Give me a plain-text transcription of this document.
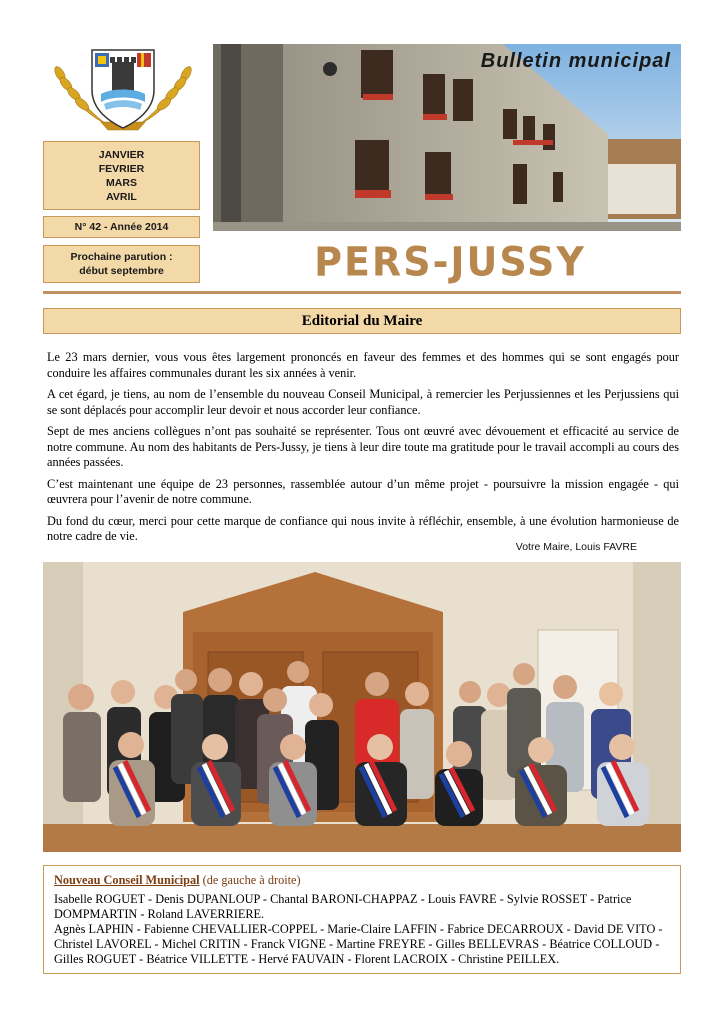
JANVIER
FEVRIER
MARS
AVRIL
N° 42 - Année 2014
Prochaine parution :
début septembre
Bulletin municipal
PERS-JUSSY
Editorial du Maire

Le 23 mars dernier, vous vous êtes largement prononcés en faveur des femmes et des hommes qui se sont engagés pour conduire les affaires communales durant les six années à venir.

A cet égard, je tiens, au nom de l’ensemble du nouveau Conseil Municipal, à remercier les Perjussiennes et les Perjussiens qui se sont déplacés pour accomplir leur devoir et nous accorder leur confiance.

Sept de mes anciens collègues n’ont pas souhaité se représenter. Tous ont œuvré avec dévouement et efficacité au service de notre commune. Au nom des habitants de Pers-Jussy, je tiens à leur dire toute ma gratitude pour le travail accompli au cours des années passées.

C’est maintenant une équipe de 23 personnes, rassemblée autour d’un même projet - poursuivre la mission engagée - qui œuvrera pour l’avenir de notre commune.

Du fond du cœur, merci pour cette marque de confiance qui nous invite à réfléchir, ensemble, à une évolution harmonieuse de notre cadre de vie.

Votre Maire, Louis FAVRE
Nouveau Conseil Municipal (de gauche à droite)
Isabelle ROGUET - Denis DUPANLOUP - Chantal BARONI-CHAPPAZ - Louis FAVRE - Sylvie ROSSET - Patrice DOMPMARTIN - Roland LAVERRIERE.
Agnès LAPHIN - Fabienne CHEVALLIER-COPPEL - Marie-Claire LAFFIN - Fabrice DECARROUX - David DE VITO - Christel LAVOREL - Michel CRITIN - Franck VIGNE - Martine FREYRE - Gilles BELLEVRAS - Béatrice COLLOUD - Gilles ROGUET - Béatrice VILLETTE - Hervé FAUVAIN - Florent LACROIX - Christine PEILLEX.
